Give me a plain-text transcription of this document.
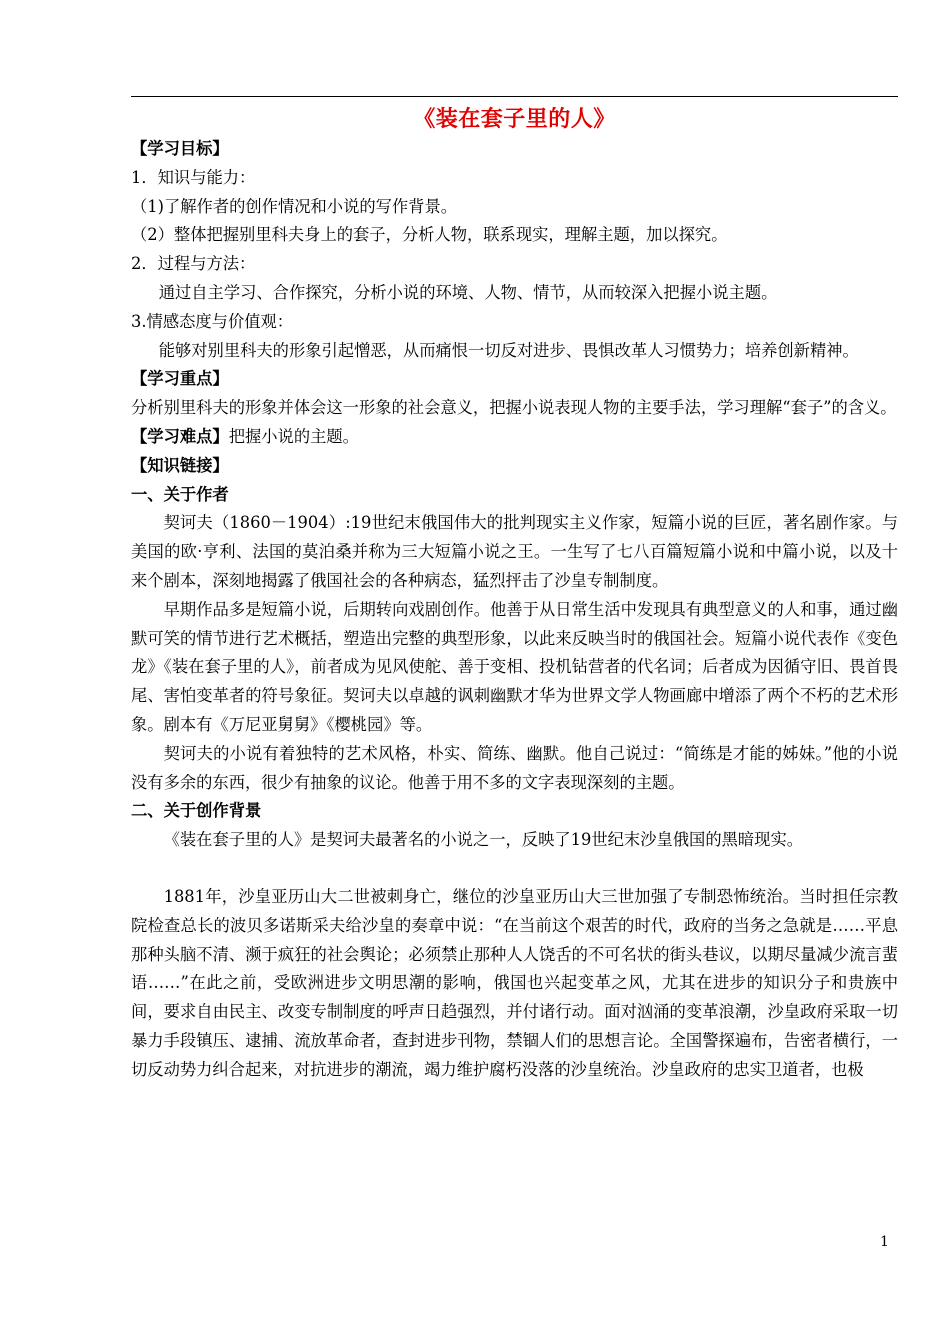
《装在套子里的人》

【学习目标】

1．知识与能力：

（1)了解作者的创作情况和小说的写作背景。

（2）整体把握别里科夫身上的套子，分析人物，联系现实，理解主题，加以探究。

2．过程与方法：

通过自主学习、合作探究，分析小说的环境、人物、情节，从而较深入把握小说主题。

3.情感态度与价值观：

能够对别里科夫的形象引起憎恶，从而痛恨一切反对进步、畏惧改革人习惯势力；培养创新精神。

【学习重点】

分析别里科夫的形象并体会这一形象的社会意义，把握小说表现人物的主要手法，学习理解“套子”的含义。

【学习难点】把握小说的主题。

【知识链接】

一、关于作者

契诃夫（1860－1904）:19世纪末俄国伟大的批判现实主义作家，短篇小说的巨匠，著名剧作家。与美国的欧·亨利、法国的莫泊桑并称为三大短篇小说之王。一生写了七八百篇短篇小说和中篇小说，以及十来个剧本，深刻地揭露了俄国社会的各种病态，猛烈抨击了沙皇专制制度。

早期作品多是短篇小说，后期转向戏剧创作。他善于从日常生活中发现具有典型意义的人和事，通过幽默可笑的情节进行艺术概括，塑造出完整的典型形象，以此来反映当时的俄国社会。短篇小说代表作《变色龙》《装在套子里的人》，前者成为见风使舵、善于变相、投机钻营者的代名词；后者成为因循守旧、畏首畏尾、害怕变革者的符号象征。契诃夫以卓越的讽刺幽默才华为世界文学人物画廊中增添了两个不朽的艺术形象。剧本有《万尼亚舅舅》《樱桃园》等。

契诃夫的小说有着独特的艺术风格，朴实、简练、幽默。他自己说过：“简练是才能的姊妹。”他的小说没有多余的东西，很少有抽象的议论。他善于用不多的文字表现深刻的主题。

二、关于创作背景

《装在套子里的人》是契诃夫最著名的小说之一，反映了19世纪末沙皇俄国的黑暗现实。

1881年，沙皇亚历山大二世被刺身亡，继位的沙皇亚历山大三世加强了专制恐怖统治。当时担任宗教院检查总长的波贝多诺斯采夫给沙皇的奏章中说：“在当前这个艰苦的时代，政府的当务之急就是……平息那种头脑不清、濒于疯狂的社会舆论；必须禁止那种人人饶舌的不可名状的街头巷议，以期尽量减少流言蜚语……”在此之前，受欧洲进步文明思潮的影响，俄国也兴起变革之风，尤其在进步的知识分子和贵族中间，要求自由民主、改变专制制度的呼声日趋强烈，并付诸行动。面对汹涌的变革浪潮，沙皇政府采取一切暴力手段镇压、逮捕、流放革命者，查封进步刊物，禁锢人们的思想言论。全国警探遍布，告密者横行，一切反动势力纠合起来，对抗进步的潮流，竭力维护腐朽没落的沙皇统治。沙皇政府的忠实卫道者，也极

1
